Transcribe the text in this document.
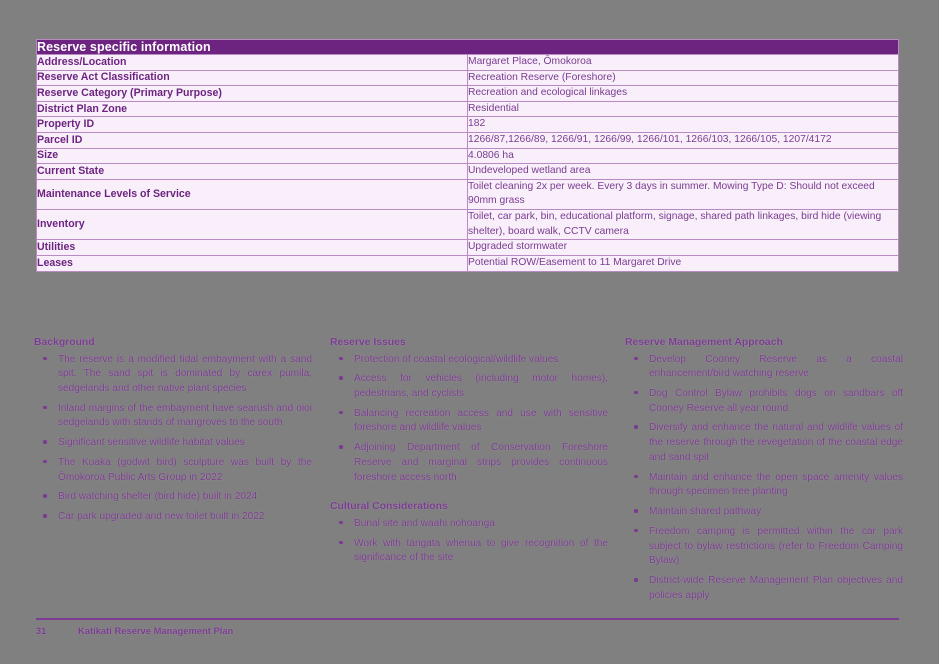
Reserve specific information	
Address/Location	Margaret Place, Ōmokoroa
Reserve Act Classification	Recreation Reserve (Foreshore)
Reserve Category (Primary Purpose)	Recreation and ecological linkages
District Plan Zone	Residential
Property ID	182
Parcel ID	1266/87,1266/89, 1266/91, 1266/99, 1266/101, 1266/103, 1266/105, 1207/4172
Size	4.0806 ha
Current State	Undeveloped wetland area
Maintenance Levels of Service	Toilet cleaning 2x per week. Every 3 days in summer. Mowing Type D: Should not exceed 90mm grass
Inventory	Toilet, car park, bin, educational platform, signage, shared path linkages, bird hide (viewing shelter), board walk, CCTV camera
Utilities	Upgraded stormwater
Leases	Potential ROW/Easement to 11 Margaret Drive
Background
The reserve is a modified tidal embayment with a sand spit. The sand spit is dominated by carex pumila, sedgelands and other native plant species
Inland margins of the embayment have searush and oioi sedgelands with stands of mangroves to the south
Significant sensitive wildlife habitat values
The Kuaka (godwit bird) sculpture was built by the Ōmokoroa Public Arts Group in 2022
Bird watching shelter (bird hide) built in 2024
Car park upgraded and new toilet built in 2022
Reserve Issues
Protection of coastal ecological/wildlife values
Access for vehicles (including motor homes), pedestrians, and cyclists
Balancing recreation access and use with sensitive foreshore and wildlife values
Adjoining Department of Conservation Foreshore Reserve and marginal strips provides continuous foreshore access north
Cultural Considerations
Burial site and waahi nohoanga
Work with tangata whenua to give recognition of the significance of the site
Reserve Management Approach
Develop Cooney Reserve as a coastal enhancement/bird watching reserve
Dog Control Bylaw prohibits dogs on sandbars off Cooney Reserve all year round
Diversify and enhance the natural and wildlife values of the reserve through the revegetation of the coastal edge and sand spit
Maintain and enhance the open space amenity values through specimen tree planting
Maintain shared pathway
Freedom camping is permitted within the car park subject to bylaw restrictions (refer to Freedom Camping Bylaw)
District-wide Reserve Management Plan objectives and policies apply
31	Katikati Reserve Management Plan
